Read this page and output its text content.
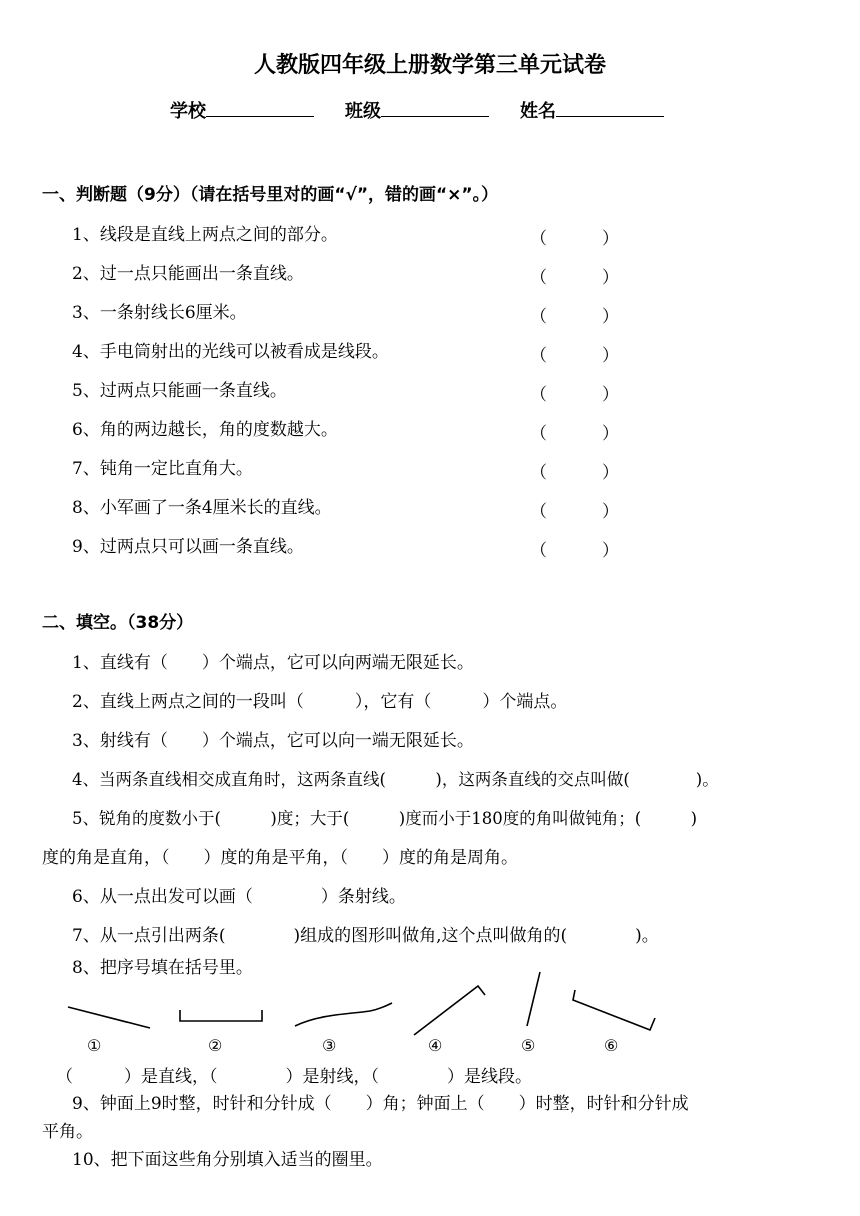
人教版四年级上册数学第三单元试卷
学校	班级	姓名
一、判断题（9分）（请在括号里对的画“√”，错的画“×”。）
1、线段是直线上两点之间的部分。	（	）
2、过一点只能画出一条直线。	（	）
3、一条射线长6厘米。	（	）
4、手电筒射出的光线可以被看成是线段。	（	）
5、过两点只能画一条直线。	（	）
6、角的两边越长，角的度数越大。	（	）
7、钝角一定比直角大。	（	）
8、小军画了一条4厘米长的直线。	（	）
9、过两点只可以画一条直线。	（	）
二、填空。（38分）
1、直线有（　　）个端点，它可以向两端无限延长。
2、直线上两点之间的一段叫（　　　），它有（　　　）个端点。
3、射线有（　　）个端点，它可以向一端无限延长。
4、当两条直线相交成直角时，这两条直线(　　　)，这两条直线的交点叫做(　　　　)。
5、锐角的度数小于(　　　)度；大于(　　　)度而小于180度的角叫做钝角；(　　　)
度的角是直角，（　　）度的角是平角，（　　）度的角是周角。
6、从一点出发可以画（　　　　）条射线。
7、从一点引出两条(　　　　)组成的图形叫做角,这个点叫做角的(　　　　)。
8、把序号填在括号里。
①	②	③	④	⑤	⑥
（　　　）是直线，（　　　　）是射线，（　　　　）是线段。
9、钟面上9时整，时针和分针成（　　）角；钟面上（　　）时整，时针和分针成
平角。
10、把下面这些角分别填入适当的圈里。
